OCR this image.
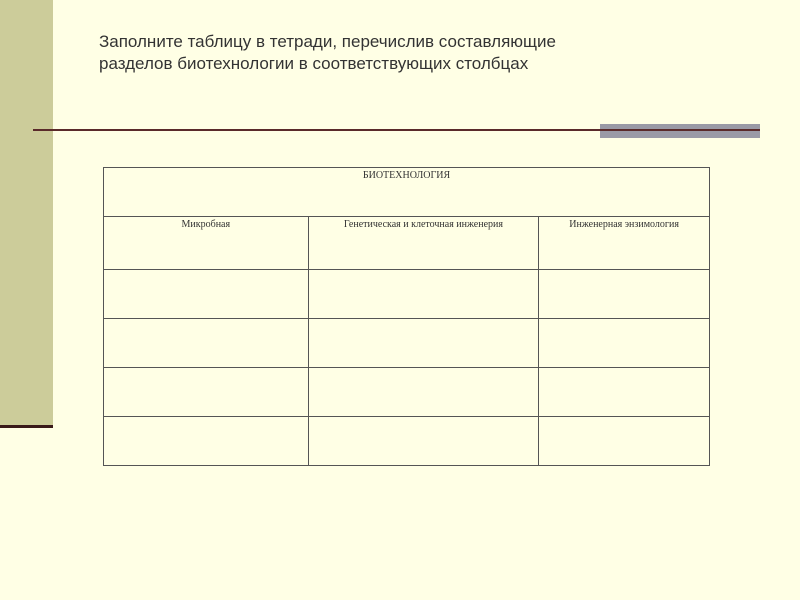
Заполните таблицу в тетради, перечислив составляющие разделов биотехнологии в соответствующих столбцах
БИОТЕХНОЛОГИЯ		
Микробная	Генетическая и клеточная инженерия	Инженерная энзимология
